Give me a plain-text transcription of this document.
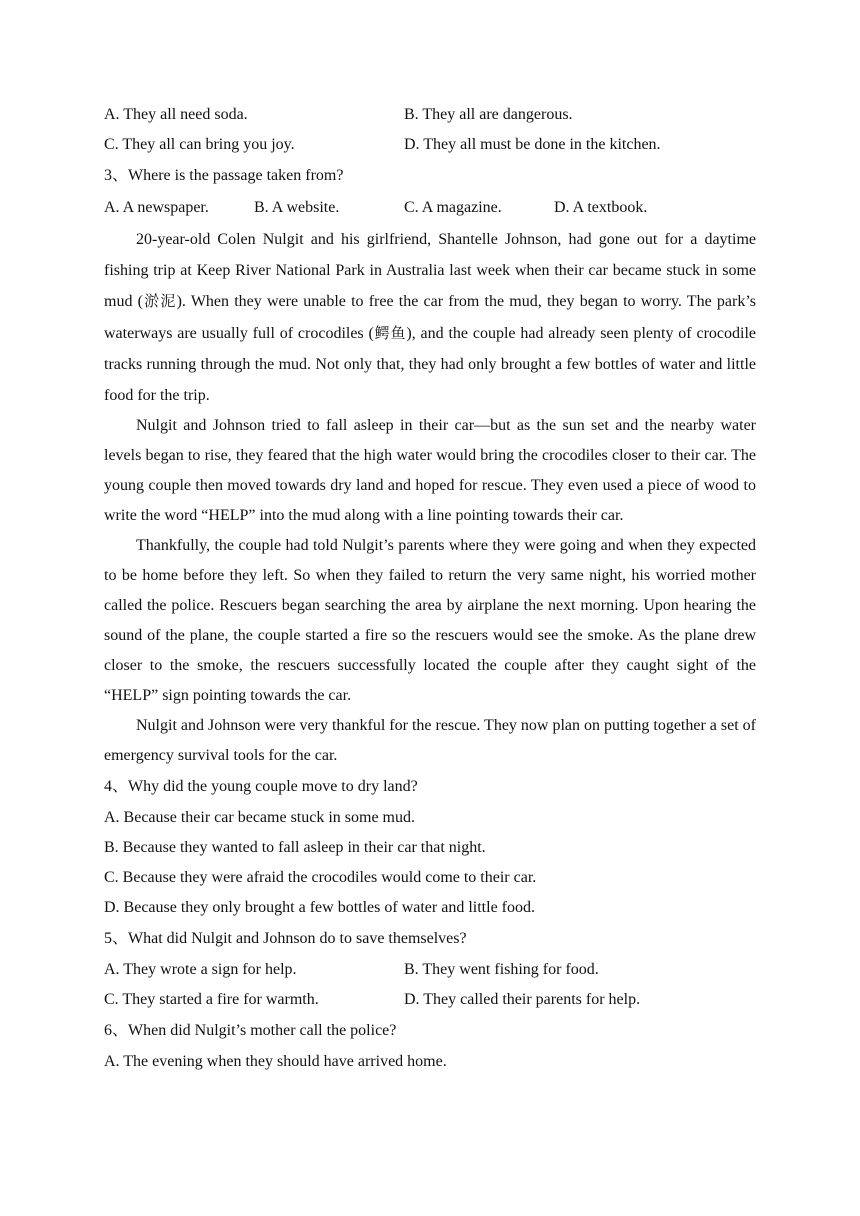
A. They all need soda.	B. They all are dangerous.
C. They all can bring you joy.	D. They all must be done in the kitchen.
3、Where is the passage taken from?
A. A newspaper.	B. A website.	C. A magazine.	D. A textbook.

20-year-old Colen Nulgit and his girlfriend, Shantelle Johnson, had gone out for a daytime fishing trip at Keep River National Park in Australia last week when their car became stuck in some mud (淤泥). When they were unable to free the car from the mud, they began to worry. The park’s waterways are usually full of crocodiles (鳄鱼), and the couple had already seen plenty of crocodile tracks running through the mud. Not only that, they had only brought a few bottles of water and little food for the trip.

Nulgit and Johnson tried to fall asleep in their car—but as the sun set and the nearby water levels began to rise, they feared that the high water would bring the crocodiles closer to their car. The young couple then moved towards dry land and hoped for rescue. They even used a piece of wood to write the word “HELP” into the mud along with a line pointing towards their car.

Thankfully, the couple had told Nulgit’s parents where they were going and when they expected to be home before they left. So when they failed to return the very same night, his worried mother called the police. Rescuers began searching the area by airplane the next morning. Upon hearing the sound of the plane, the couple started a fire so the rescuers would see the smoke. As the plane drew closer to the smoke, the rescuers successfully located the couple after they caught sight of the “HELP” sign pointing towards the car.

Nulgit and Johnson were very thankful for the rescue. They now plan on putting together a set of emergency survival tools for the car.

4、Why did the young couple move to dry land?
A. Because their car became stuck in some mud.
B. Because they wanted to fall asleep in their car that night.
C. Because they were afraid the crocodiles would come to their car.
D. Because they only brought a few bottles of water and little food.
5、What did Nulgit and Johnson do to save themselves?
A. They wrote a sign for help.	B. They went fishing for food.
C. They started a fire for warmth.	D. They called their parents for help.
6、When did Nulgit’s mother call the police?
A. The evening when they should have arrived home.
